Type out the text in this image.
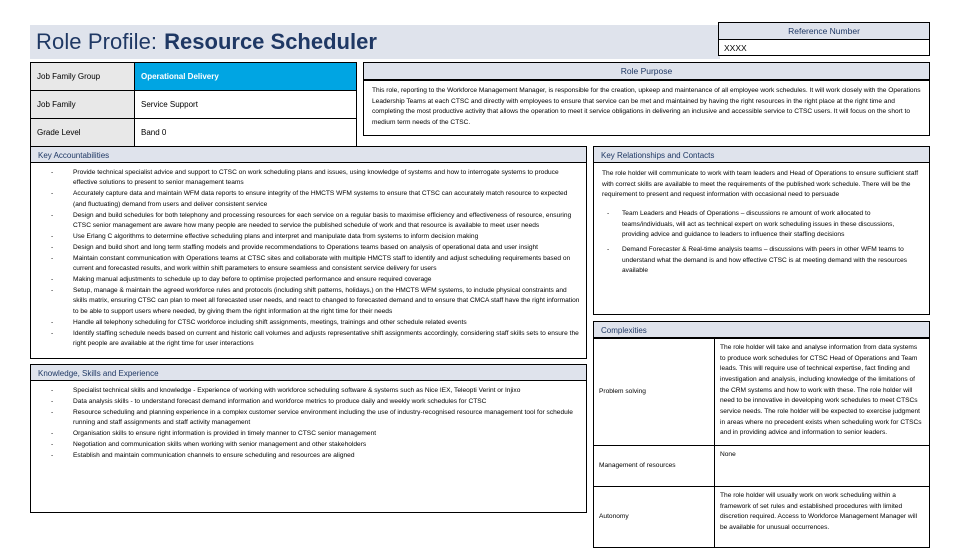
Role Profile: Resource Scheduler	Reference Number
XXXX
Job Family Group	Operational Delivery
Job Family	Service Support
Grade Level	Band 0
Role Purpose
This role, reporting to the Workforce Management Manager, is responsible for the creation, upkeep and maintenance of all employee work schedules. It will work closely with the Operations Leadership Teams at each CTSC and directly with employees to ensure that service can be met and maintained by having the right resources in the right place at the right time and completing the most productive activity that allows the operation to meet it service obligations in delivering an inclusive and accessible service to CTSC users. It will focus on the short to medium term needs of the CTSC.
Key Accountabilities
- Provide technical specialist advice and support to CTSC on work scheduling plans and issues, using knowledge of systems and how to interrogate systems to produce effective solutions to present to senior management teams
- Accurately capture data and maintain WFM data reports to ensure integrity of the HMCTS WFM systems to ensure that CTSC can accurately match resource to expected (and fluctuating) demand from users and deliver consistent service
- Design and build schedules for both telephony and processing resources for each service on a regular basis to maximise efficiency and effectiveness of resource, ensuring CTSC senior management are aware how many people are needed to service the published schedule of work and that resource is available to meet user needs
- Use Erlang C algorithms to determine effective scheduling plans and interpret and manipulate data from systems to inform decision making
- Design and build short and long term staffing models and provide recommendations to Operations teams based on analysis of operational data and user insight
- Maintain constant communication with Operations teams at CTSC sites and collaborate with multiple HMCTS staff to identify and adjust scheduling requirements based on current and forecasted results, and work within shift parameters to ensure seamless and consistent service delivery for users
- Making manual adjustments to schedule up to day before to optimise projected performance and ensure required coverage
- Setup, manage & maintain the agreed workforce rules and protocols (including shift patterns, holidays,) on the HMCTS WFM systems, to include physical constraints and skills matrix, ensuring CTSC can plan to meet all forecasted user needs, and react to changed to forecasted demand and to ensure that CMCA staff have the right information to be able to support users where needed, by giving them the right information at the right time for their needs
- Handle all telephony scheduling for CTSC workforce including shift assignments, meetings, trainings and other schedule related events
- Identify staffing schedule needs based on current and historic call volumes and adjusts representative shift assignments accordingly, considering staff skills sets to ensure the right people are available at the right time for user interactions
Knowledge, Skills and Experience
- Specialist technical skills and knowledge - Experience of working with workforce scheduling software & systems such as Nice IEX, Teleopti Verint or Injixo
- Data analysis skills - to understand forecast demand information and workforce metrics to produce daily and weekly work schedules for CTSC
- Resource scheduling and planning experience in a complex customer service environment including the use of industry-recognised resource management tool for schedule running and staff assignments and staff activity management
- Organisation skills to ensure right information is provided in timely manner to CTSC senior management
- Negotiation and communication skills when working with senior management and other stakeholders
- Establish and maintain communication channels to ensure scheduling and resources are aligned
Key Relationships and Contacts

The role holder will communicate to work with team leaders and Head of Operations to ensure sufficient staff with correct skills are available to meet the requirements of the published work schedule. There will be the requirement to present and request information with occasional need to persuade

- Team Leaders and Heads of Operations – discussions re amount of work allocated to teams/individuals, will act as technical expert on work scheduling issues in these discussions, providing advice and guidance to leaders to influence their staffing decisions
- Demand Forecaster & Real-time analysis teams – discussions with peers in other WFM teams to understand what the demand is and how effective CTSC is at meeting demand with the resources available
Complexities
Problem solving	The role holder will take and analyse information from data systems to produce work schedules for CTSC Head of Operations and Team leads. This will require use of technical expertise, fact finding and investigation and analysis, including knowledge of the limitations of the CRM systems and how to work with these. The role holder will need to be innovative in developing work schedules to meet CTSCs service needs. The role holder will be expected to exercise judgment in areas where no precedent exists when scheduling work for CTSCs and in providing advice and information to senior leaders.
Management of resources	None
Autonomy	The role holder will usually work on work scheduling within a framework of set rules and established procedures with limited discretion required. Access to Workforce Management Manager will be available for unusual occurrences.
